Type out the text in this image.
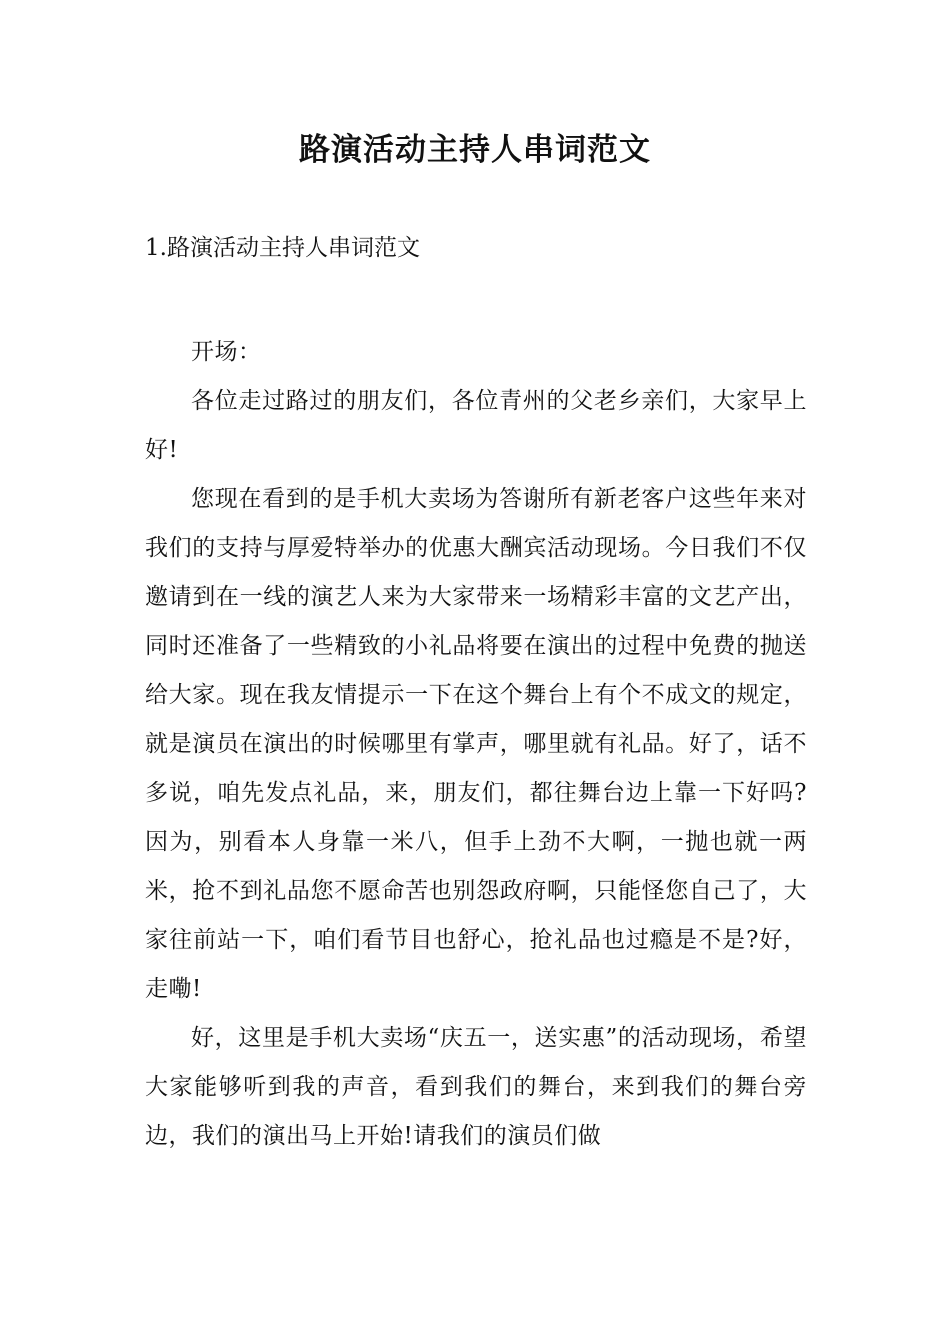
路演活动主持人串词范文
1.路演活动主持人串词范文

开场：

各位走过路过的朋友们，各位青州的父老乡亲们，大家早上好!

您现在看到的是手机大卖场为答谢所有新老客户这些年来对我们的支持与厚爱特举办的优惠大酬宾活动现场。今日我们不仅邀请到在一线的演艺人来为大家带来一场精彩丰富的文艺产出，同时还准备了一些精致的小礼品将要在演出的过程中免费的抛送给大家。现在我友情提示一下在这个舞台上有个不成文的规定，就是演员在演出的时候哪里有掌声，哪里就有礼品。好了，话不多说，咱先发点礼品，来，朋友们，都往舞台边上靠一下好吗?因为，别看本人身靠一米八，但手上劲不大啊，一抛也就一两米，抢不到礼品您不愿命苦也别怨政府啊，只能怪您自己了，大家往前站一下，咱们看节目也舒心，抢礼品也过瘾是不是?好，走嘞!

好，这里是手机大卖场“庆五一，送实惠”的活动现场，希望大家能够听到我的声音，看到我们的舞台，来到我们的舞台旁边，我们的演出马上开始!请我们的演员们做
